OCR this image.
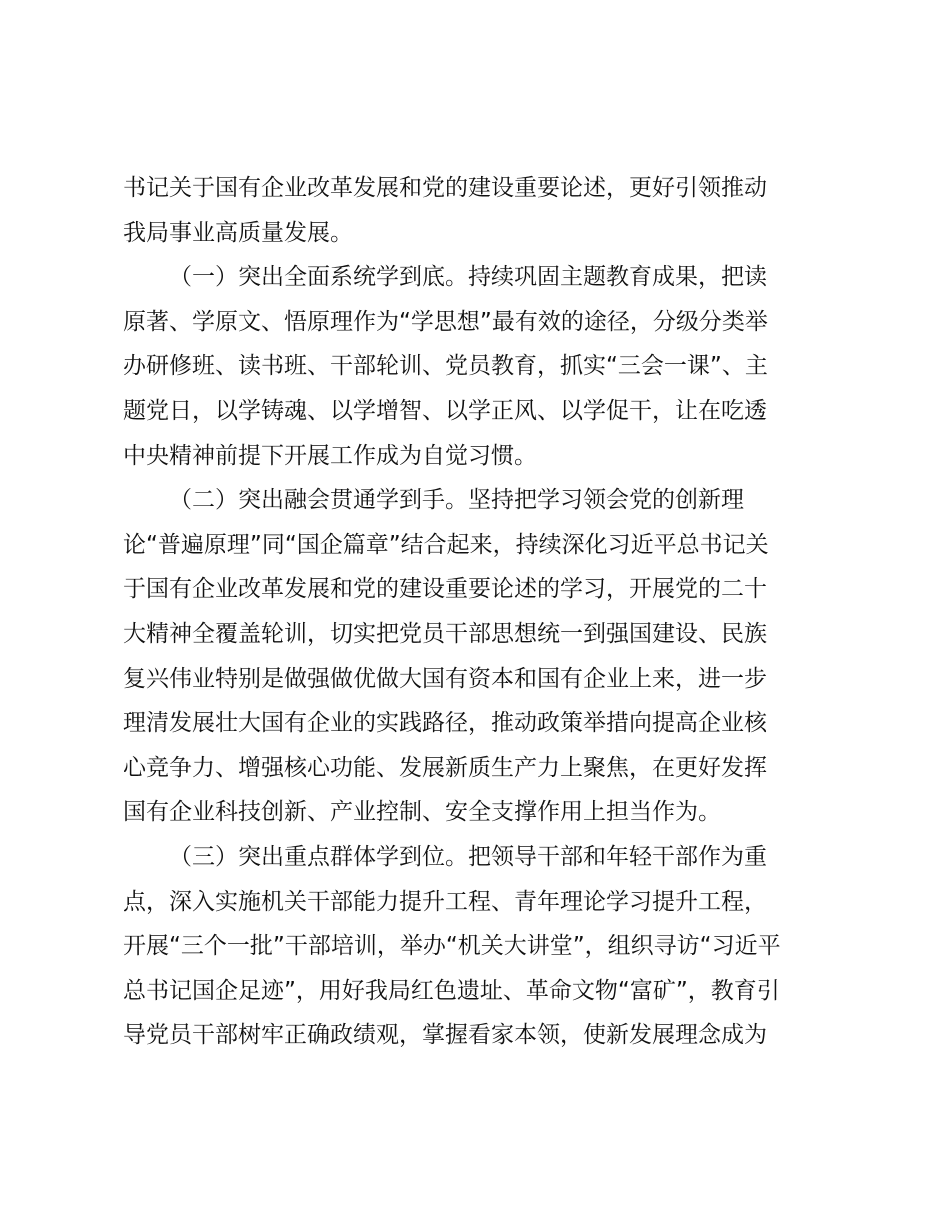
书记关于国有企业改革发展和党的建设重要论述，更好引领推动
我局事业高质量发展。
（一）突出全面系统学到底。持续巩固主题教育成果，把读
原著、学原文、悟原理作为“学思想”最有效的途径，分级分类举
办研修班、读书班、干部轮训、党员教育，抓实“三会一课”、主
题党日，以学铸魂、以学增智、以学正风、以学促干，让在吃透
中央精神前提下开展工作成为自觉习惯。
（二）突出融会贯通学到手。坚持把学习领会党的创新理
论“普遍原理”同“国企篇章”结合起来，持续深化习近平总书记关
于国有企业改革发展和党的建设重要论述的学习，开展党的二十
大精神全覆盖轮训，切实把党员干部思想统一到强国建设、民族
复兴伟业特别是做强做优做大国有资本和国有企业上来，进一步
理清发展壮大国有企业的实践路径，推动政策举措向提高企业核
心竞争力、增强核心功能、发展新质生产力上聚焦，在更好发挥
国有企业科技创新、产业控制、安全支撑作用上担当作为。
（三）突出重点群体学到位。把领导干部和年轻干部作为重
点，深入实施机关干部能力提升工程、青年理论学习提升工程，
开展“三个一批”干部培训，举办“机关大讲堂”，组织寻访“习近平
总书记国企足迹”，用好我局红色遗址、革命文物“富矿”，教育引
导党员干部树牢正确政绩观，掌握看家本领，使新发展理念成为
